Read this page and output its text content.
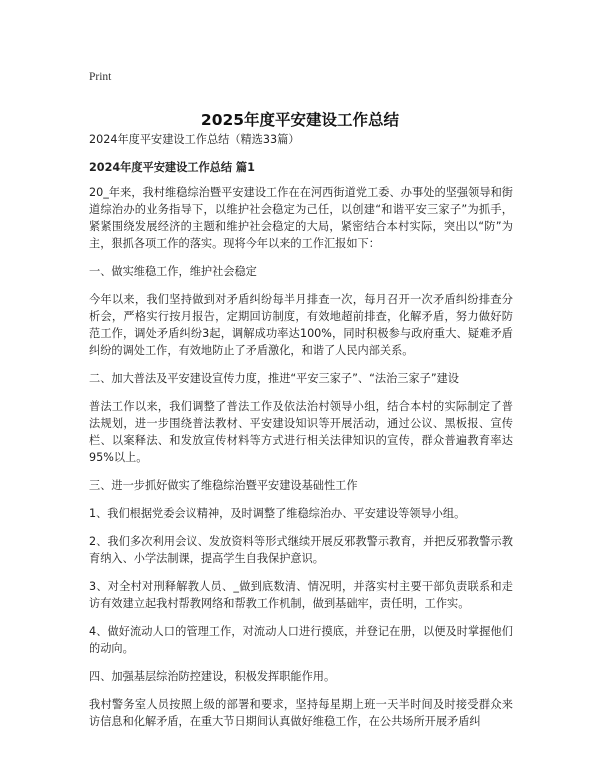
Print
2025年度平安建设工作总结

2024年度平安建设工作总结（精选33篇）

2024年度平安建设工作总结 篇1

20_年来，我村维稳综治暨平安建设工作在在河西街道党工委、办事处的坚强领导和街道综治办的业务指导下，以维护社会稳定为己任，以创建“和谐平安三家子”为抓手，紧紧围绕发展经济的主题和维护社会稳定的大局，紧密结合本村实际，突出以“防”为主，狠抓各项工作的落实。现将今年以来的工作汇报如下：

一、做实维稳工作，维护社会稳定

今年以来，我们坚持做到对矛盾纠纷每半月排查一次，每月召开一次矛盾纠纷排查分析会，严格实行按月报告，定期回访制度，有效地超前排查，化解矛盾，努力做好防范工作，调处矛盾纠纷3起，调解成功率达100%，同时积极参与政府重大、疑难矛盾纠纷的调处工作，有效地防止了矛盾激化，和谐了人民内部关系。

二、加大普法及平安建设宣传力度，推进“平安三家子”、“法治三家子”建设

普法工作以来，我们调整了普法工作及依法治村领导小组，结合本村的实际制定了普法规划，进一步围绕普法教材、平安建设知识等开展活动，通过公议、黑板报、宣传栏、以案释法、和发放宣传材料等方式进行相关法律知识的宣传，群众普遍教育率达95%以上。

三、进一步抓好做实了维稳综治暨平安建设基础性工作

1、我们根据党委会议精神，及时调整了维稳综治办、平安建设等领导小组。

2、我们多次利用会议、发放资料等形式继续开展反邪教警示教育，并把反邪教警示教育纳入、小学法制课，提高学生自我保护意识。

3、对全村对刑释解教人员、_做到底数清、情况明，并落实村主要干部负责联系和走访有效建立起我村帮教网络和帮教工作机制，做到基础牢，责任明，工作实。

4、做好流动人口的管理工作，对流动人口进行摸底，并登记在册，以便及时掌握他们的动向。

四、加强基层综治防控建设，积极发挥职能作用。

我村警务室人员按照上级的部署和要求，坚持每星期上班一天半时间及时接受群众来访信息和化解矛盾，在重大节日期间认真做好维稳工作，在公共场所开展矛盾纠
